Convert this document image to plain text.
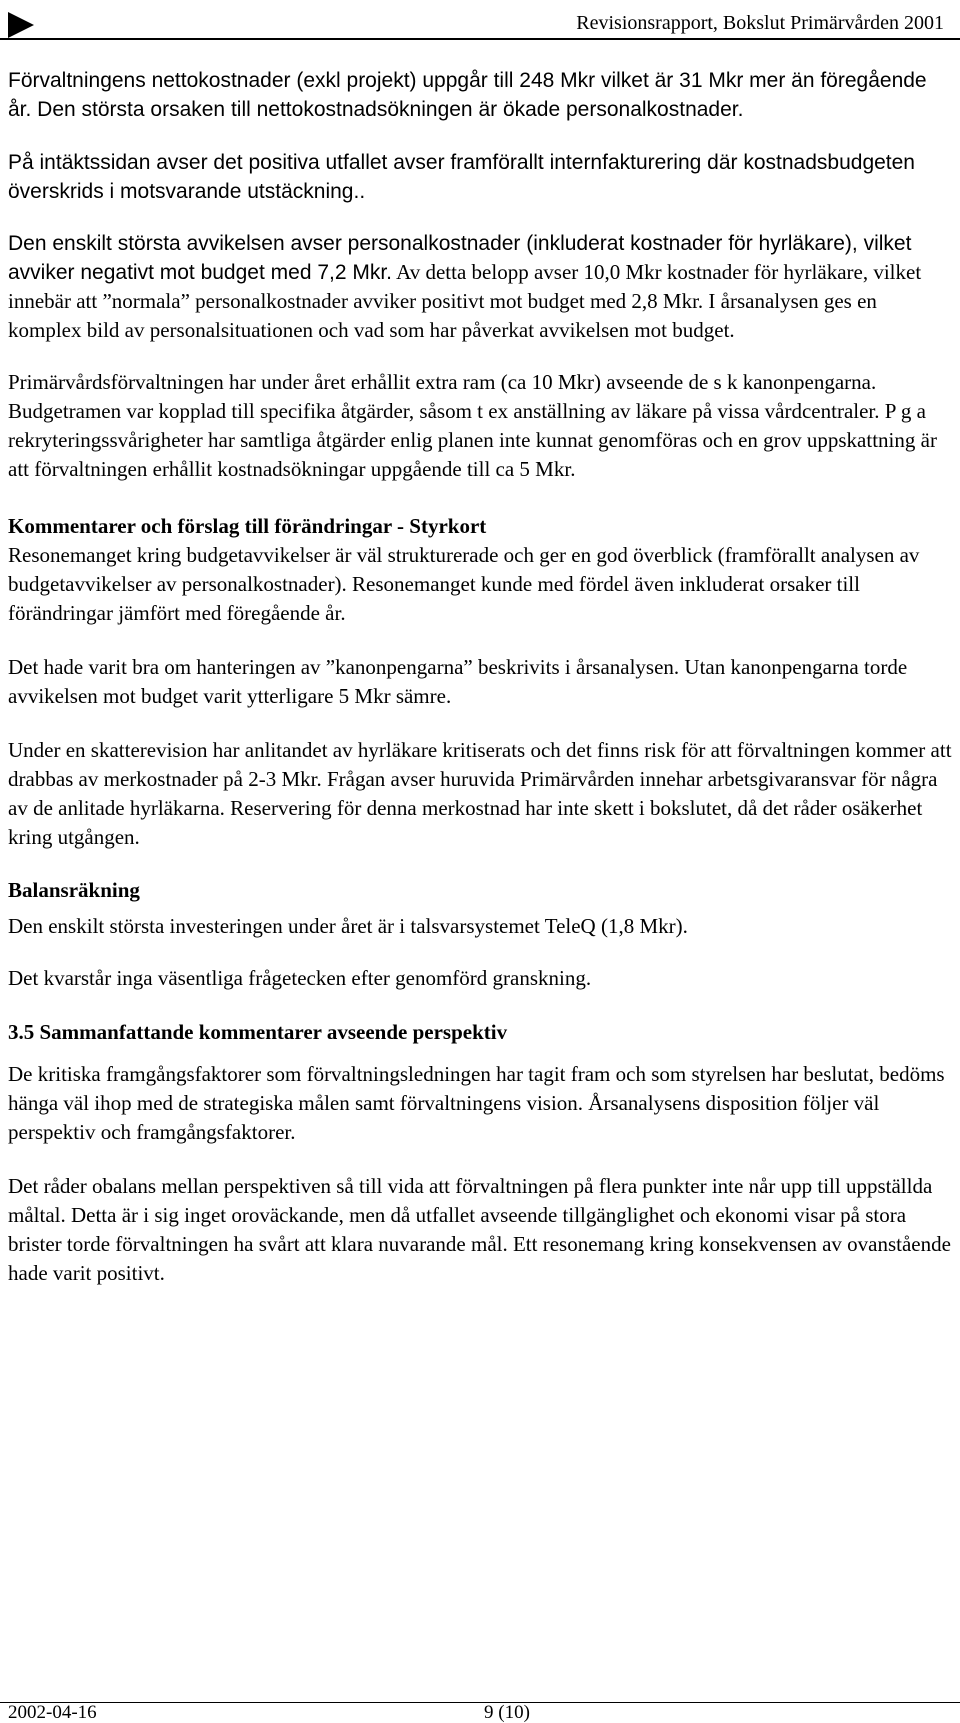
Revisionsrapport, Bokslut Primärvården 2001

Förvaltningens nettokostnader (exkl projekt) uppgår till 248 Mkr vilket är 31 Mkr mer än föregående år. Den största orsaken till nettokostnadsökningen är ökade personalkostnader.

På intäktssidan avser det positiva utfallet avser framförallt internfakturering där kostnadsbudgeten överskrids i motsvarande utstäckning..

Den enskilt största avvikelsen avser personalkostnader (inkluderat kostnader för hyrläkare), vilket avviker negativt mot budget med 7,2 Mkr. Av detta belopp avser 10,0 Mkr kostnader för hyrläkare, vilket innebär att ”normala” personalkostnader avviker positivt mot budget med 2,8 Mkr. I årsanalysen ges en komplex bild av personalsituationen och vad som har påverkat avvikelsen mot budget.

Primärvårdsförvaltningen har under året erhållit extra ram (ca 10 Mkr) avseende de s k kanonpengarna. Budgetramen var kopplad till specifika åtgärder, såsom t ex anställning av läkare på vissa vårdcentraler. P g a rekryteringssvårigheter har samtliga åtgärder enlig planen inte kunnat genomföras och en grov uppskattning är att förvaltningen erhållit kostnadsökningar uppgående till ca 5 Mkr.

Kommentarer och förslag till förändringar - Styrkort

Resonemanget kring budgetavvikelser är väl strukturerade och ger en god överblick (framförallt analysen av budgetavvikelser av personalkostnader). Resonemanget kunde med fördel även inkluderat orsaker till förändringar jämfört med föregående år.

Det hade varit bra om hanteringen av ”kanonpengarna” beskrivits i årsanalysen. Utan kanonpengarna torde avvikelsen mot budget varit ytterligare 5 Mkr sämre.

Under en skatterevision har anlitandet av hyrläkare kritiserats och det finns risk för att förvaltningen kommer att drabbas av merkostnader på 2-3 Mkr. Frågan avser huruvida Primärvården innehar arbetsgivaransvar för några av de anlitade hyrläkarna. Reservering för denna merkostnad har inte skett i bokslutet, då det råder osäkerhet kring utgången.

Balansräkning

Den enskilt största investeringen under året är i talsvarsystemet TeleQ (1,8 Mkr).

Det kvarstår inga väsentliga frågetecken efter genomförd granskning.

3.5 Sammanfattande kommentarer avseende perspektiv

De kritiska framgångsfaktorer som förvaltningsledningen har tagit fram och som styrelsen har beslutat, bedöms hänga väl ihop med de strategiska målen samt förvaltningens vision. Årsanalysens disposition följer väl perspektiv och framgångsfaktorer.

Det råder obalans mellan perspektiven så till vida att förvaltningen på flera punkter inte når upp till uppställda måltal. Detta är i sig inget oroväckande, men då utfallet avseende tillgänglighet och ekonomi visar på stora brister torde förvaltningen ha svårt att klara nuvarande mål. Ett resonemang kring konsekvensen av ovanstående hade varit positivt.

2002-04-16	9 (10)
